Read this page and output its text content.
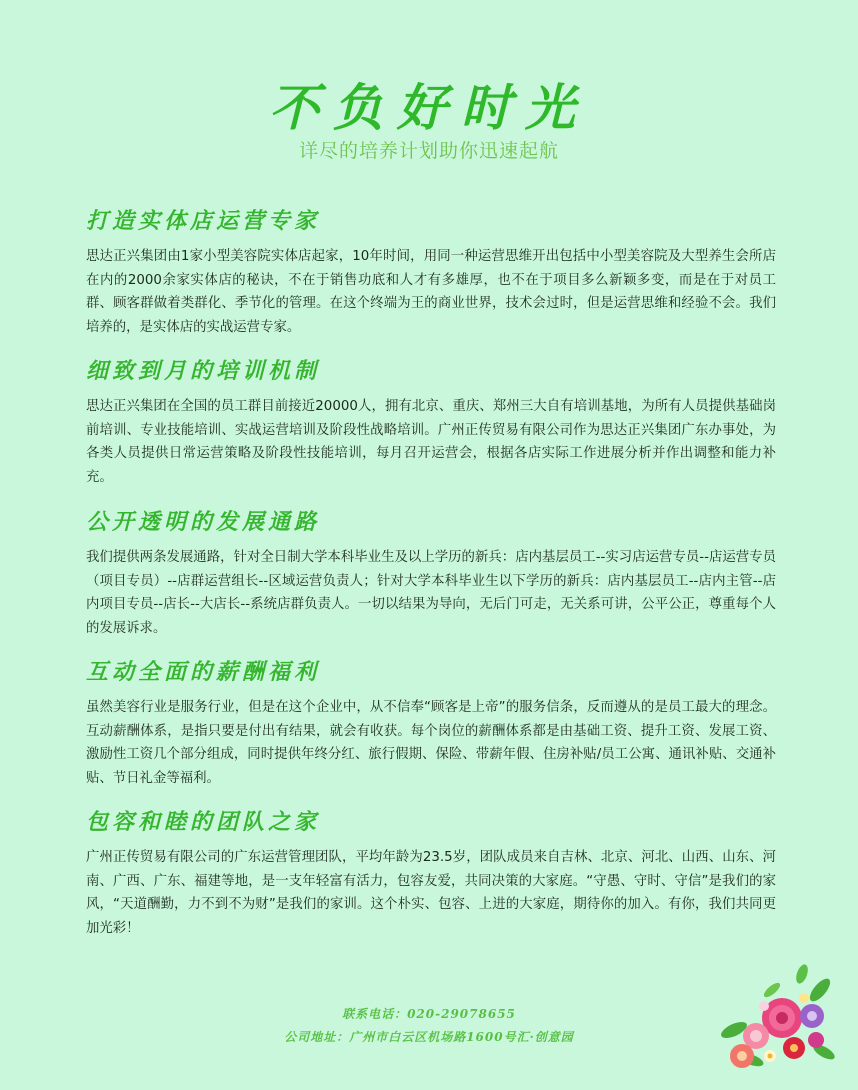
不负好时光
详尽的培养计划助你迅速起航
打造实体店运营专家

思达正兴集团由1家小型美容院实体店起家，10年时间，用同一种运营思维开出包括中小型美容院及大型养生会所店在内的2000余家实体店的秘诀，不在于销售功底和人才有多雄厚，也不在于项目多么新颖多变，而是在于对员工群、顾客群做着类群化、季节化的管理。在这个终端为王的商业世界，技术会过时，但是运营思维和经验不会。我们培养的，是实体店的实战运营专家。

细致到月的培训机制

思达正兴集团在全国的员工群目前接近20000人，拥有北京、重庆、郑州三大自有培训基地，为所有人员提供基础岗前培训、专业技能培训、实战运营培训及阶段性战略培训。广州正传贸易有限公司作为思达正兴集团广东办事处，为各类人员提供日常运营策略及阶段性技能培训，每月召开运营会，根据各店实际工作进展分析并作出调整和能力补充。

公开透明的发展通路

我们提供两条发展通路，针对全日制大学本科毕业生及以上学历的新兵：店内基层员工--实习店运营专员--店运营专员（项目专员）--店群运营组长--区域运营负责人；针对大学本科毕业生以下学历的新兵：店内基层员工--店内主管--店内项目专员--店长--大店长--系统店群负责人。一切以结果为导向，无后门可走，无关系可讲，公平公正，尊重每个人的发展诉求。

互动全面的薪酬福利

虽然美容行业是服务行业，但是在这个企业中，从不信奉“顾客是上帝”的服务信条，反而遵从的是员工最大的理念。互动薪酬体系，是指只要是付出有结果，就会有收获。每个岗位的薪酬体系都是由基础工资、提升工资、发展工资、激励性工资几个部分组成，同时提供年终分红、旅行假期、保险、带薪年假、住房补贴/员工公寓、通讯补贴、交通补贴、节日礼金等福利。

包容和睦的团队之家

广州正传贸易有限公司的广东运营管理团队，平均年龄为23.5岁，团队成员来自吉林、北京、河北、山西、山东、河南、广西、广东、福建等地，是一支年轻富有活力，包容友爱，共同决策的大家庭。“守愚、守时、守信”是我们的家风，“天道酬勤，力不到不为财”是我们的家训。这个朴实、包容、上进的大家庭，期待你的加入。有你，我们共同更加光彩！

联系电话：020-29078655
公司地址：广州市白云区机场路1600号汇·创意园
